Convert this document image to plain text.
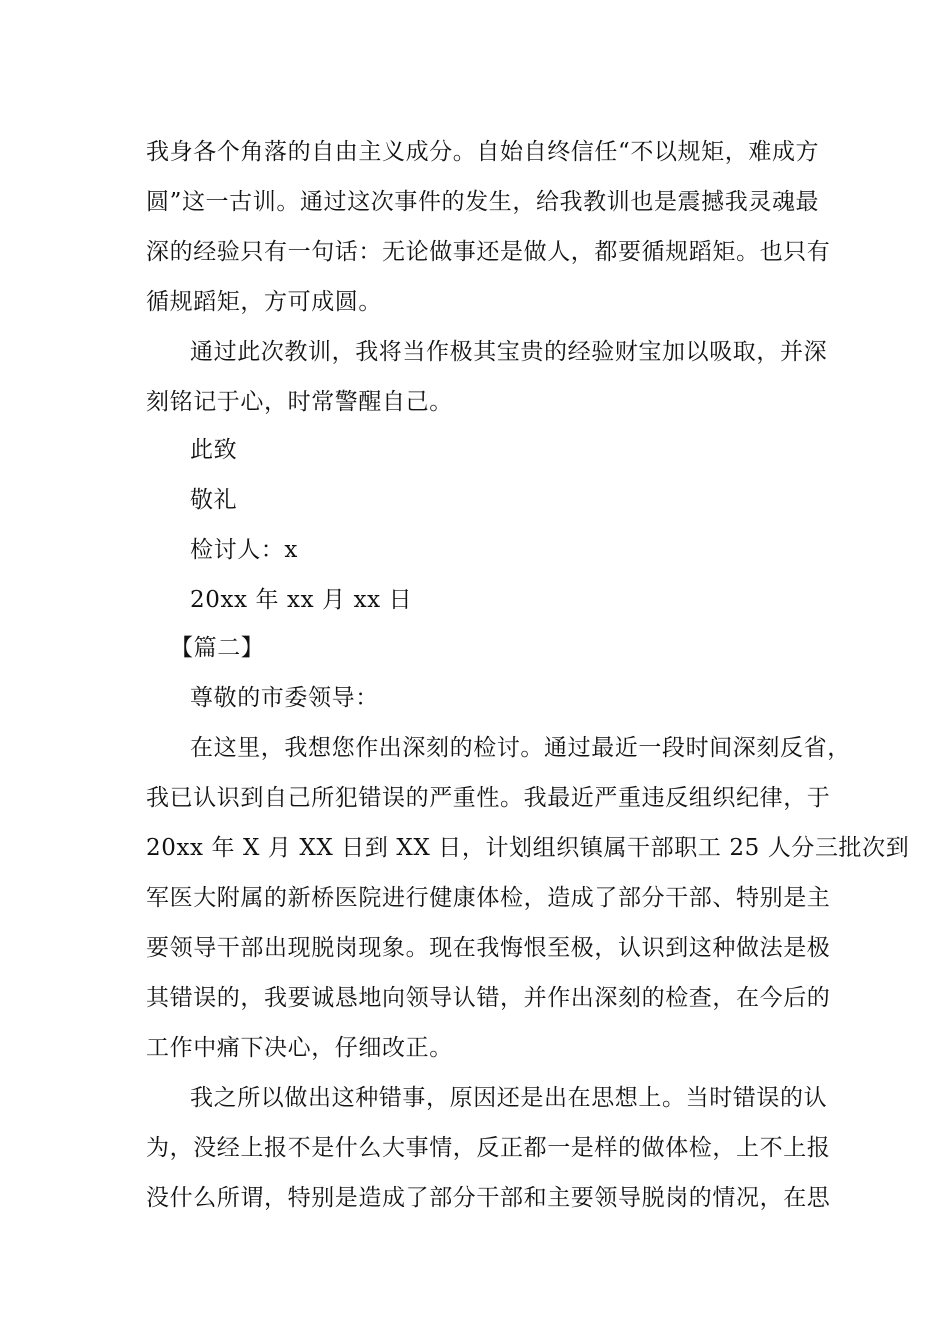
我身各个角落的自由主义成分。自始自终信任“不以规矩，难成方
圆”这一古训。通过这次事件的发生，给我教训也是震撼我灵魂最
深的经验只有一句话：无论做事还是做人，都要循规蹈矩。也只有
循规蹈矩，方可成圆。
通过此次教训，我将当作极其宝贵的经验财宝加以吸取，并深
刻铭记于心，时常警醒自己。
此致
敬礼
检讨人：x
20xx 年 xx 月 xx 日
【篇二】
尊敬的市委领导：
在这里，我想您作出深刻的检讨。通过最近一段时间深刻反省，
我已认识到自己所犯错误的严重性。我最近严重违反组织纪律，于
20xx 年 X 月 XX 日到 XX 日，计划组织镇属干部职工 25 人分三批次到
军医大附属的新桥医院进行健康体检，造成了部分干部、特别是主
要领导干部出现脱岗现象。现在我悔恨至极，认识到这种做法是极
其错误的，我要诚恳地向领导认错，并作出深刻的检查，在今后的
工作中痛下决心，仔细改正。
我之所以做出这种错事，原因还是出在思想上。当时错误的认
为，没经上报不是什么大事情，反正都一是样的做体检，上不上报
没什么所谓，特别是造成了部分干部和主要领导脱岗的情况，在思
